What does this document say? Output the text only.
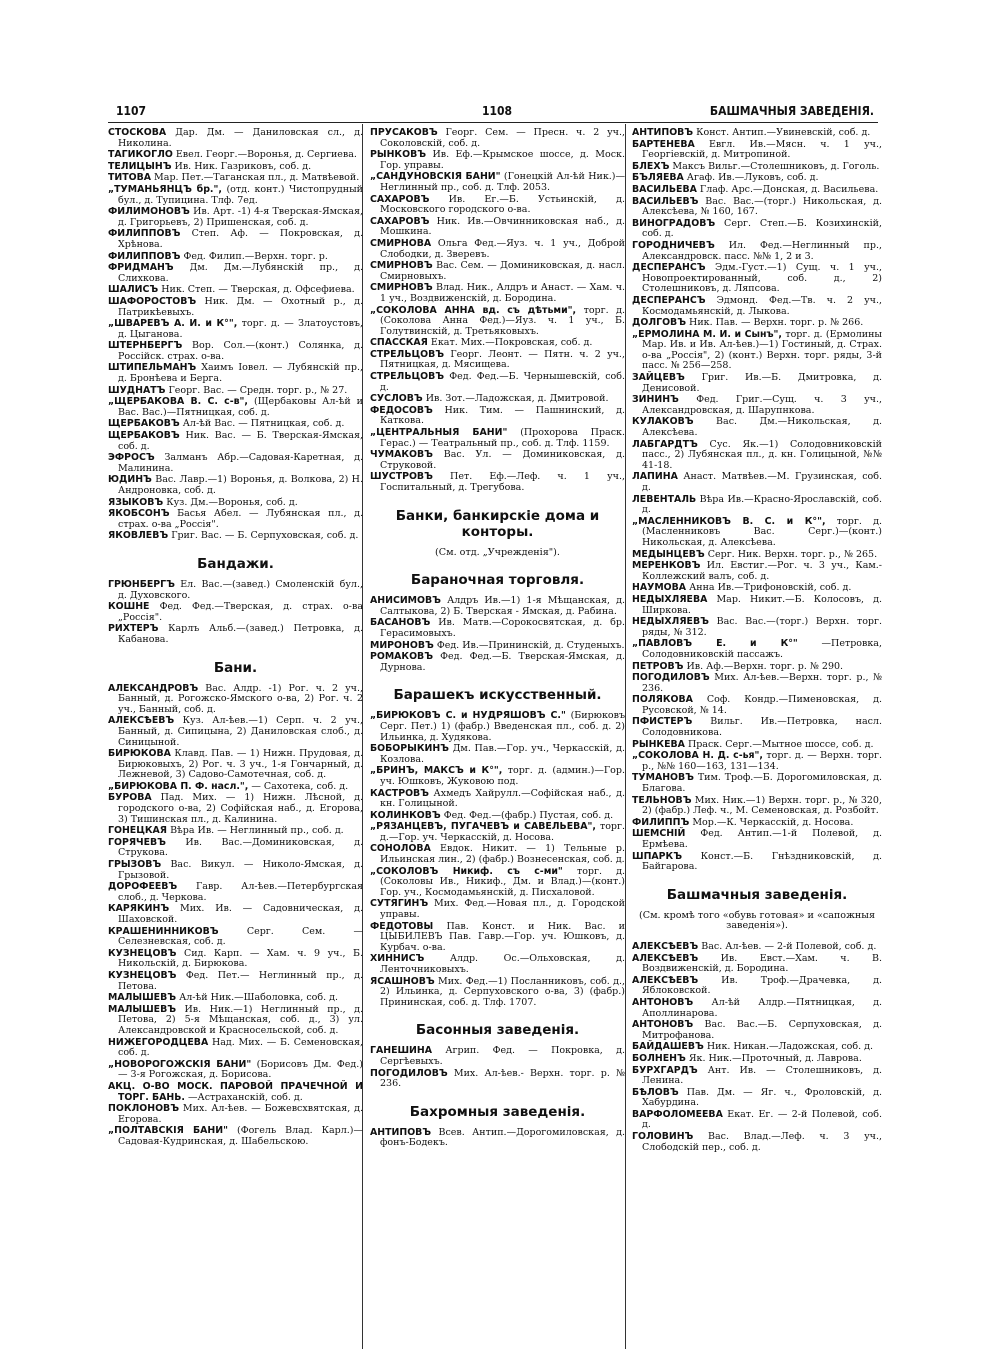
1107	1108	БАШМАЧНЫЯ ЗАВЕДЕНІЯ.
СТОСКОВА Дар. Дм. — Даниловская сл., д. Николина.
ТАГИКОГЛО Евел. Георг.—Воронья, д. Сергиева.
ТЕЛИЦЫНЪ Ив. Ник. Газриковъ, соб. д.
ТИТОВА Мар. Пет.—Таганская пл., д. Матвѣевой.
„ТУМАНЬЯНЦЪ бр.", (отд. конт.) Чистопрудный бул., д. Тупицина. Тлф. 7ед.
ФИЛИМОНОВЪ Ив. Арт. -1) 4-я Тверская-Ямская, д. Григорьевъ, 2) Пришенская, соб. д.
ФИЛИППОВЪ Степ. Аф. — Покровская, д. Хрѣнова.
ФИЛИППОВЪ Фед. Филип.—Верхн. торг. р.
ФРИДМАНЪ Дм. Дм.—Лубянскій пр., д. Слихкова.
ШАЛИСЪ Ник. Степ. — Тверская, д. Офсефиева.
ШАФОРОСТОВЪ Ник. Дм. — Охотный р., д. Патрикѣевыхъ.
„ШВАРЕВЪ А. И. и К°", торг. д. — Златоустовъ, д. Цыганова.
ШТЕРНБЕРГЪ Вор. Сол.—(конт.) Солянка, д. Россійск. страх. о-ва.
ШТИПЕЛЬМАНЪ Хаимъ Іовел. — Лубянскій пр., д. Бронѣева и Берга.
ШУДНАТЪ Георг. Вас. — Средн. торг. р., № 27.
„ЩЕРБАКОВА В. С. с-в", (Щербаковы Ал-ѣй и Вас. Вас.)—Пятницкая, соб. д.
ЩЕРБАКОВЪ Ал-ѣй Вас. — Пятницкая, соб. д.
ЩЕРБАКОВЪ Ник. Вас. — Б. Тверская-Ямская, соб. д.
ЭФРОСЪ Залманъ Абр.—Садовая-Каретная, д. Малинина.
ЮДИНЪ Вас. Лавр.—1) Воронья, д. Волкова, 2) Н. Андроновка, соб. д.
ЯЗЫКОВЪ Куз. Дм.—Воронья, соб. д.
ЯКОБСОНЪ Басья Абел. — Лубянская пл., д. страх. о-ва „Россія".
ЯКОВЛЕВЪ Григ. Вас. — Б. Серпуховская, соб. д.
Бандажи.
ГРЮНБЕРГЪ Ел. Вас.—(завед.) Смоленскій бул., д. Духовского.
КОШНЕ Фед. Фед.—Тверская, д. страх. о-ва „Россія".
РИХТЕРЪ Карлъ Альб.—(завед.) Петровка, д. Кабанова.
Бани.
АЛЕКСАНДРОВЪ Вас. Алдр. -1) Рог. ч. 2 уч., Банный, д. Рогожско-Ямского о-ва, 2) Рог. ч. 2 уч., Банный, соб. д.
АЛЕКСѢЕВЪ Куз. Ал-ѣев.—1) Серп. ч. 2 уч., Банный, д. Сипицына, 2) Даниловская слоб., д. Синицыной.
БИРЮКОВА Клавд. Пав. — 1) Нижн. Прудовая, д. Бирюковыхъ, 2) Рог. ч. 3 уч., 1-я Гончарный, д. Лежневой, 3) Садово-Самотечная, соб. д.
„БИРЮКОВА П. Ф. насл.", — Сахотека, соб. д.
БУРОВА Пад. Мих. — 1) Нижн. Лѣсной, д. городского о-ва, 2) Софійская наб., д. Егорова, 3) Тишинская пл., д. Калинина.
ГОНЕЦКАЯ Вѣра Ив. — Неглинный пр., соб. д.
ГОРЯЧЕВЪ Ив. Вас.—Доминиковская, д. Струкова.
ГРЫЗОВЪ Вас. Викул. — Николо-Ямская, д. Грызовой.
ДОРОФЕЕВЪ Гавр. Ал-ѣев.—Петербургская слоб., д. Черкова.
КАРЯКИНЪ Мих. Ив. — Садовническая, д. Шаховской.
КРАШЕНИННИКОВЪ	Серг. Сем. — Селезневская, соб. д.
КУЗНЕЦОВЪ Сид. Карп. — Хам. ч. 9 уч., Б. Никольскій, д. Бирюкова.
КУЗНЕЦОВЪ Фед. Пет.— Неглинный пр., д. Петова.
МАЛЫШЕВЪ Ал-ѣй Ник.—Шаболовка, соб. д.
МАЛЫШЕВЪ Ив. Ник.—1) Неглинный пр., д. Петова, 2) 5-я Мѣщанская, соб. д., 3) ул. Александровской и Красносельской, соб. д.
НИЖЕГОРОДЦЕВА Над. Мих. — Б. Семеновская, соб. д.
„НОВОРОГОЖСКІЯ БАНИ" (Борисовъ Дм. Фед.) — 3-я Рогожская, д. Борисова.
АКЦ. О-ВО МОСК. ПАРОВОЙ ПРАЧЕЧНОЙ И ТОРГ. БАНЬ. —Астраханскій, соб. д.
ПОКЛОНОВЪ Мих. Ал-ѣев. — Божевсхвятская, д. Егорова.
„ПОЛТАВСКІЯ БАНИ" (Фогель Влад. Карл.)—Садовая-Кудринская, д. Шабельскою.
ПРУСАКОВЪ Георг. Сем. — Пресн. ч. 2 уч., Соколовскій, соб. д.
РЫНКОВЪ Ив. Еф.—Крымское шоссе, д. Моск. Гор. управы.
„САНДУНОВСКІЯ БАНИ" (Гонецкій Ал-ѣй Ник.)—Неглинный пр., соб. д. Тлф. 2053.
САХАРОВЪ Ив. Ег.—Б. Устьинскій, д. Московского городского о-ва.
САХАРОВЪ Ник. Ив.—Овчинниковская наб., д. Мошкина.
СМИРНОВА Ольга Фед.—Яуз. ч. 1 уч., Доброй Слободки, д. Зверевъ.
СМИРНОВЪ Вас. Сем. — Доминиковская, д. насл. Смирновыхъ.
СМИРНОВЪ Влад. Ник., Алдръ и Анаст. — Хам. ч. 1 уч., Воздвиженскій, д. Бородина.
„СОКОЛОВА АННА вд. съ дѣтьми", торг. д. (Соколова Анна Фед.)—Яуз. ч. 1 уч., Б. Голутвинскій, д. Третьяковыхъ.
СПАССКАЯ Екат. Мих.—Покровская, соб. д.
СТРЕЛЬЦОВЪ Георг. Леонт. — Пятн. ч. 2 уч., Пятницкая, д. Мясищева.
СТРЕЛЬЦОВЪ Фед. Фед.—Б. Чернышевскій, соб. д.
СУСЛОВЪ Ив. Зот.—Ладожская, д. Дмитровой.
ФЕДОСОВЪ Ник. Тим. — Пашнинский, д. Каткова.
„ЦЕНТРАЛЬНЫЯ БАНИ" (Прохорова Праск. Герас.) — Театральный пр., соб. д. Тлф. 1159.
ЧУМАКОВЪ Вас. Ул. — Доминиковская, д. Струковой.
ШУСТРОВЪ Пет. Еф.—Леф. ч. 1 уч., Госпитальный, д. Трегубова.
Банки, банкирскіе дома и конторы.
(См. отд. „Учрежденія").
Бараночная торговля.
АНИСИМОВЪ Алдръ Ив.—1) 1-я Мѣщанская, д. Салтыкова, 2) Б. Тверская - Ямская, д. Рабина.
БАСАНОВЪ Ив. Матв.—Сорокосвятская, д. бр. Герасимовыхъ.
МИРОНОВЪ Фед. Ив.—Прининскій, д. Студеныхъ.
РОМАКОВЪ Фед. Фед.—Б. Тверская-Ямская, д. Дурнова.
Барашекъ искусственный.
„БИРЮКОВЪ С. и НУДРЯШОВЪ С." (Бирюковъ Серг. Пет.) 1) (фабр.) Введенская пл., соб. д. 2) Ильинка, д. Худякова.
БОБОРЫКИНЪ Дм. Пав.—Гор. уч., Черкасскій, д. Козлова.
„БРИНЪ, МАКСЪ и К°", торг. д. (админ.)—Гор. уч. Юшковъ, Жуковою под.
КАСТРОВЪ Ахмедъ Хайрулл.—Софійская наб., д. кн. Голицыной.
КОЛИНКОВЪ Фед. Фед.—(фабр.) Пустая, соб. д.
„РЯЗАНЦЕВЪ, ПУГАЧЕВЪ и САВЕЛЬЕВА", торг. д.—Гор. уч. Черкасскій, д. Носова.
СОНОЛОВА Евдок. Никит. — 1) Тельные р. Ильинская лин., 2) (фабр.) Вознесенская, соб. д.
„СОКОЛОВЪ Никиф. съ с-ми" торг. д. (Соколовы Ив., Никиф., Дм. и Влад.)—(конт.) Гор. уч., Космодамьянскій, д. Писхаловой.
СУТЯГИНЪ Мих. Фед.—Новая пл., д. Городской управы.
ФЕДОТОВЫ Пав. Конст. и Ник. Вас. и ЦЫБИЛЕВЪ Пав. Гавр.—Гор. уч. Юшковъ, д. Курбач. о-ва.
ХИННИСЪ	Алдр. Ос.—Ольховская, д. Ленточниковыхъ.
ЯСАШНОВЪ Мих. Фед.—1) Посланниковъ, соб. д., 2) Ильинка, д. Серпуховского о-ва, 3) (фабр.) Прининская, соб. д. Тлф. 1707.
Басонныя заведенія.
ГАНЕШИНА Агрип. Фед. — Покровка, д. Сергѣевыхъ.
ПОГОДИЛОВЪ Мих. Ал-ѣев.- Верхн. торг. р. № 236.
Бахромныя заведенія.
АНТИПОВЪ Всев. Антип.—Дорогомиловская, д. фонъ-Бодекъ.
АНТИПОВЪ Конст. Антип.—Увиневскій, соб. д.
БАРТЕНЕВА Евгл. Ив.—Мясн. ч. 1 уч., Георгіевскій, д. Митропиной.
БЛЕХЪ Максъ Вильг.—Столешниковъ, д. Гоголь.
БЪЛЯЕВА Агаф. Ив.—Луковъ, соб. д.
ВАСИЛЬЕВА Глаф. Арс.—Донская, д. Васильева.
ВАСИЛЬЕВЪ Вас. Вас.—(торг.) Никольская, д. Алексѣева, № 160, 167.
ВИНОГРАДОВЪ Серг. Степ.—Б. Козихинскій, соб. д.
ГОРОДНИЧЕВЪ Ил. Фед.—Неглинный пр., Александровск. пасс. №№ 1, 2 и 3.
ДЕСПЕРАНСЪ Эдм.-Густ.—1) Сущ. ч. 1 уч., Новопроектированный, соб. д., 2) Столешниковъ, д. Ляпсова.
ДЕСПЕРАНСЪ Эдмонд. Фед.—Тв. ч. 2 уч., Космодамьянскій, д. Лыкова.
ДОЛГОВЪ Ник. Пав. — Верхн. торг. р. № 266.
„ЕРМОЛИНА М. И. и Сынъ", торг. д. (Ермолины Мар. Ив. и Ив. Ал-ѣев.)—1) Гостиный, д. Страх. о-ва „Россія", 2) (конт.) Верхн. торг. ряды, 3-й пасс. № 256—258.
ЗАЙЦЕВЪ Григ. Ив.—Б. Дмитровка, д. Денисовой.
ЗИНИНЪ Фед. Григ.—Сущ. ч. 3 уч., Александровская, д. Шарупнкова.
КУЛАКОВЪ Вас. Дм.—Никольская, д. Алексѣева.
ЛАБГАРДТЪ Сус. Як.—1) Солодовниковскій пасс., 2) Лубянская пл., д. кн. Голицыной, №№ 41-18.
ЛАПИНА Анаст. Матвѣев.—М. Грузинская, соб. д.
ЛЕВЕНТАЛЬ Вѣра Ив.—Красно-Ярославскій, соб. д.
„МАСЛЕННИКОВЪ В. С. и К°", торг. д. (Масленниковъ Вас. Серг.)—(конт.) Никольская, д. Алексѣева.
МЕДЫНЦЕВЪ Серг. Ник. Верхн. торг. р., № 265.
МЕРЕНКОВЪ Ил. Евстиг.—Рог. ч. 3 уч., Кам.-Коллежский валъ, соб. д.
НАУМОВА Анна Ив.—Трифоновскій, соб. д.
НЕДЫХЛЯЕВА Мар. Никит.—Б. Колосовъ, д. Ширкова.
НЕДЫХЛЯЕВЪ Вас. Вас.—(торг.) Верхн. торг. ряды, № 312.
„ПАВЛОВЪ Е. и К°" —Петровка, Солодовниковскій пассажъ.
ПЕТРОВЪ Ив. Аф.—Верхн. торг. р. № 290.
ПОГОДИЛОВЪ Мих. Ал-ѣев.—Верхн. торг. р., № 236.
ПОЛЯКОВА Соф. Кондр.—Пименовская, д. Русовской, № 14.
ПФИСТЕРЪ Вильг. Ив.—Петровка, насл. Солодовникова.
РЫНКЕВА Праск. Серг.—Мытное шоссе, соб. д.
„СОКОЛОВА Н. Д. с-ья", торг. д. — Верхн. торг. р., №№ 160—163, 131—134.
ТУМАНОВЪ Тим. Троф.—Б. Дорогомиловская, д. Благова.
ТЕЛЬНОВЪ Мих. Ник.—1) Верхн. торг. р., № 320, 2) (фабр.) Леф. ч., М. Семеновская, д. Розбойт.
ФИЛИППЪ Мор.—К. Черкасскій, д. Носова.
ШЕМСНІЙ Фед. Антип.—1-й Полевой, д. Ермѣева.
ШПАРКЪ Конст.—Б. Гнѣздниковскій, д. Байгарова.
Башмачныя заведенія.
(См. кромѣ того «обувь готовая» и «сапожныя заведенія»).
АЛЕКСѢЕВЪ Вас. Ал-ѣев. — 2-й Полевой, соб. д.
АЛЕКСѢЕВЪ Ив. Евст.—Хам. ч. В. Воздвиженскій, д. Бородина.
АЛЕКСѢЕВЪ Ив. Троф.—Драчевка, д. Яблоковской.
АНТОНОВЪ Ал-ѣй Алдр.—Пятницкая, д. Аполлинарова.
АНТОНОВЪ Вас. Вас.—Б. Серпуховская, д. Митрофанова.
БАЙДАШЕВЪ Ник. Никан.—Ладожская, соб. д.
БОЛНЕНЪ Як. Ник.—Проточный, д. Лаврова.
БУРХГАРДЪ Ант. Ив. — Столешниковъ, д. Ленина.
БѢЛОВЪ Пав. Дм. — Яг. ч., Фроловскій, д. Хабурдина.
ВАРФОЛОМЕЕВА Екат. Ег. — 2-й Полевой, соб. д.
ГОЛОВИНЪ Вас. Влад.—Леф. ч. 3 уч., Слободскій пер., соб. д.
